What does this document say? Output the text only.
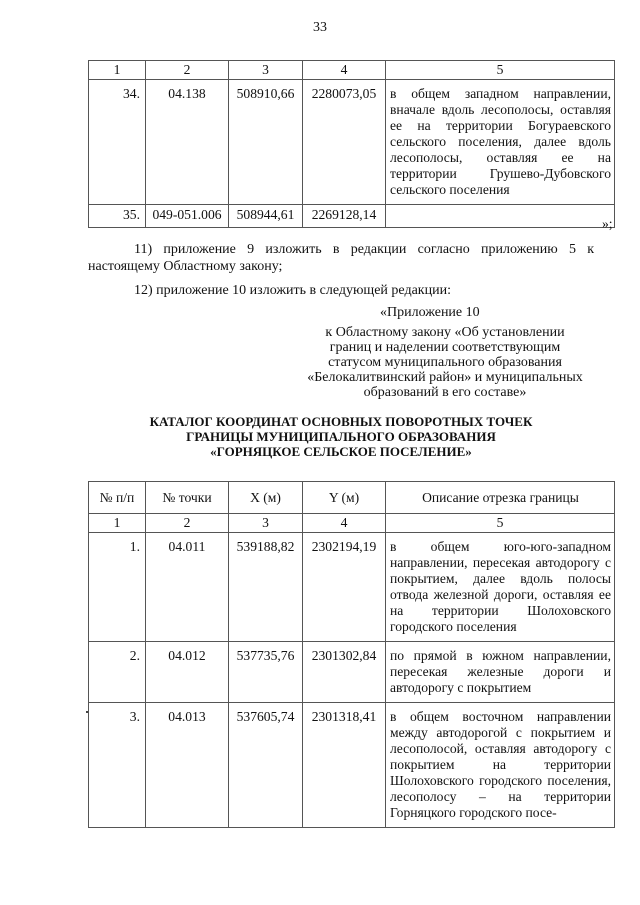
33
1	2	3	4	5
34.	04.138	508910,66	2280073,05	в общем западном направлении, вначале вдоль лесополосы, оставляя ее на территории Богураевского сельского поселения, далее вдоль лесополосы, оставляя ее на территории Грушево-Дубовского сельского поселения
35.	049-051.006	508944,61	2269128,14	
»;
11) приложение 9 изложить в редакции согласно приложению 5 к настоящему Областному закону;
12) приложение 10 изложить в следующей редакции:
«Приложение 10
к Областному закону «Об установлении
границ и наделении соответствующим
статусом муниципального образования
«Белокалитвинский район» и муниципальных
образований в его составе»
КАТАЛОГ КООРДИНАТ ОСНОВНЫХ ПОВОРОТНЫХ ТОЧЕК
ГРАНИЦЫ МУНИЦИПАЛЬНОГО ОБРАЗОВАНИЯ
«ГОРНЯЦКОЕ СЕЛЬСКОЕ ПОСЕЛЕНИЕ»
№ п/п	№ точки	X (м)	Y (м)	Описание отрезка границы
1	2	3	4	5
1.	04.011	539188,82	2302194,19	в общем юго-юго-западном направлении, пересекая автодорогу с покрытием, далее вдоль полосы отвода железной дороги, оставляя ее на территории Шолоховского городского поселения
2.	04.012	537735,76	2301302,84	по прямой в южном направлении, пересекая железные дороги и автодорогу с покрытием
3.	04.013	537605,74	2301318,41	в общем восточном направлении между автодорогой с покрытием и лесополосой, оставляя автодорогу с покрытием на территории Шолоховского городского поселения, лесополосу – на территории Горняцкого городского посе-
